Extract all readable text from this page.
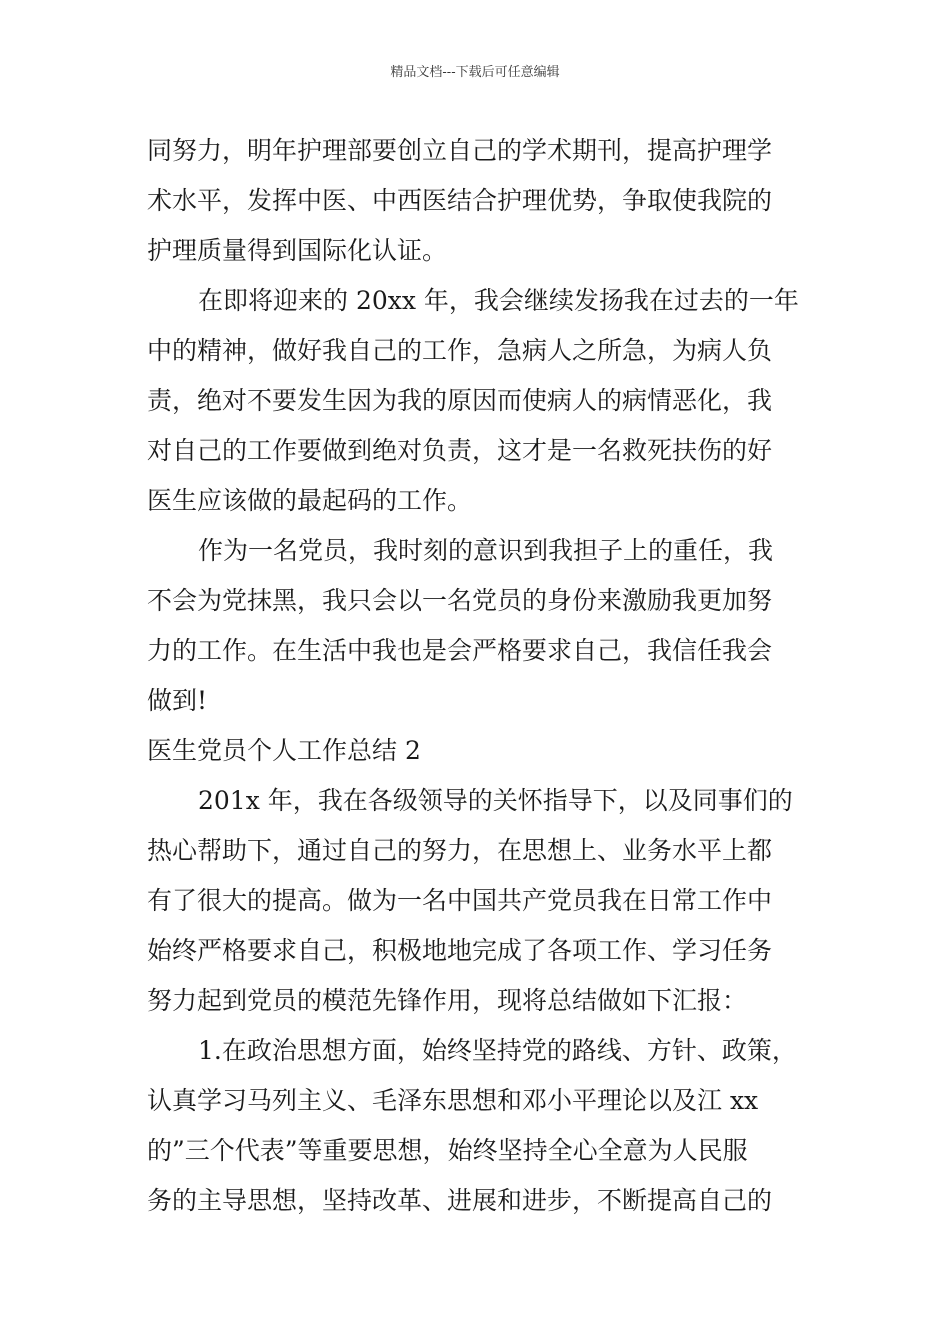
精品文档---下载后可任意编辑
同努力，明年护理部要创立自己的学术期刊，提高护理学
术水平，发挥中医、中西医结合护理优势，争取使我院的
护理质量得到国际化认证。
在即将迎来的 20xx 年，我会继续发扬我在过去的一年
中的精神，做好我自己的工作，急病人之所急，为病人负
责，绝对不要发生因为我的原因而使病人的病情恶化，我
对自己的工作要做到绝对负责，这才是一名救死扶伤的好
医生应该做的最起码的工作。
作为一名党员，我时刻的意识到我担子上的重任，我
不会为党抹黑，我只会以一名党员的身份来激励我更加努
力的工作。在生活中我也是会严格要求自己，我信任我会
做到!
医生党员个人工作总结 2
201x 年，我在各级领导的关怀指导下，以及同事们的
热心帮助下，通过自己的努力，在思想上、业务水平上都
有了很大的提高。做为一名中国共产党员我在日常工作中
始终严格要求自己，积极地地完成了各项工作、学习任务
努力起到党员的模范先锋作用，现将总结做如下汇报：
1.在政治思想方面，始终坚持党的路线、方针、政策，
认真学习马列主义、毛泽东思想和邓小平理论以及江 xx
的”三个代表”等重要思想，始终坚持全心全意为人民服
务的主导思想，坚持改革、进展和进步，不断提高自己的
